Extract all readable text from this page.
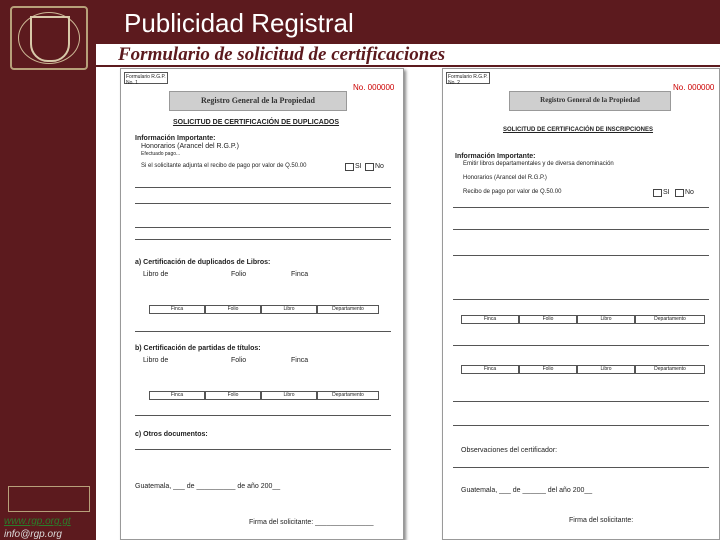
www.rgp.org.gt
info@rgp.org
Publicidad Registral
Formulario de solicitud de certificaciones
Formulario R.G.P. No. 1
Registro General de la Propiedad
No. 000000
SOLICITUD DE CERTIFICACIÓN DE DUPLICADOS
Información Importante:
Honorarios (Arancel del R.G.P.)
Efectuado pago...
Si el solicitante adjunta el recibo de pago por valor de Q.50.00	SI No
a) Certificación de duplicados de Libros:
Libro de	Folio	Finca
Finca	Folio	Libro	Departamento
b) Certificación de partidas de títulos:
Libro de	Folio	Finca
Finca	Folio	Libro	Departamento
c) Otros documentos:
Guatemala, ___ de __________ de año 200__
Firma del solicitante: _______________
Formulario R.G.P. No. 2
Registro General de la Propiedad
No. 000000
SOLICITUD DE CERTIFICACIÓN DE INSCRIPCIONES
Información Importante:
Emitir libros departamentales y de diversa denominación
Honorarios (Arancel del R.G.P.)
Recibo de pago por valor de Q.50.00	SI No
Finca	Folio	Libro	Departamento
Finca	Folio	Libro	Departamento
Observaciones del certificador:
Guatemala, ___ de ______ del año 200__
Firma del solicitante:
